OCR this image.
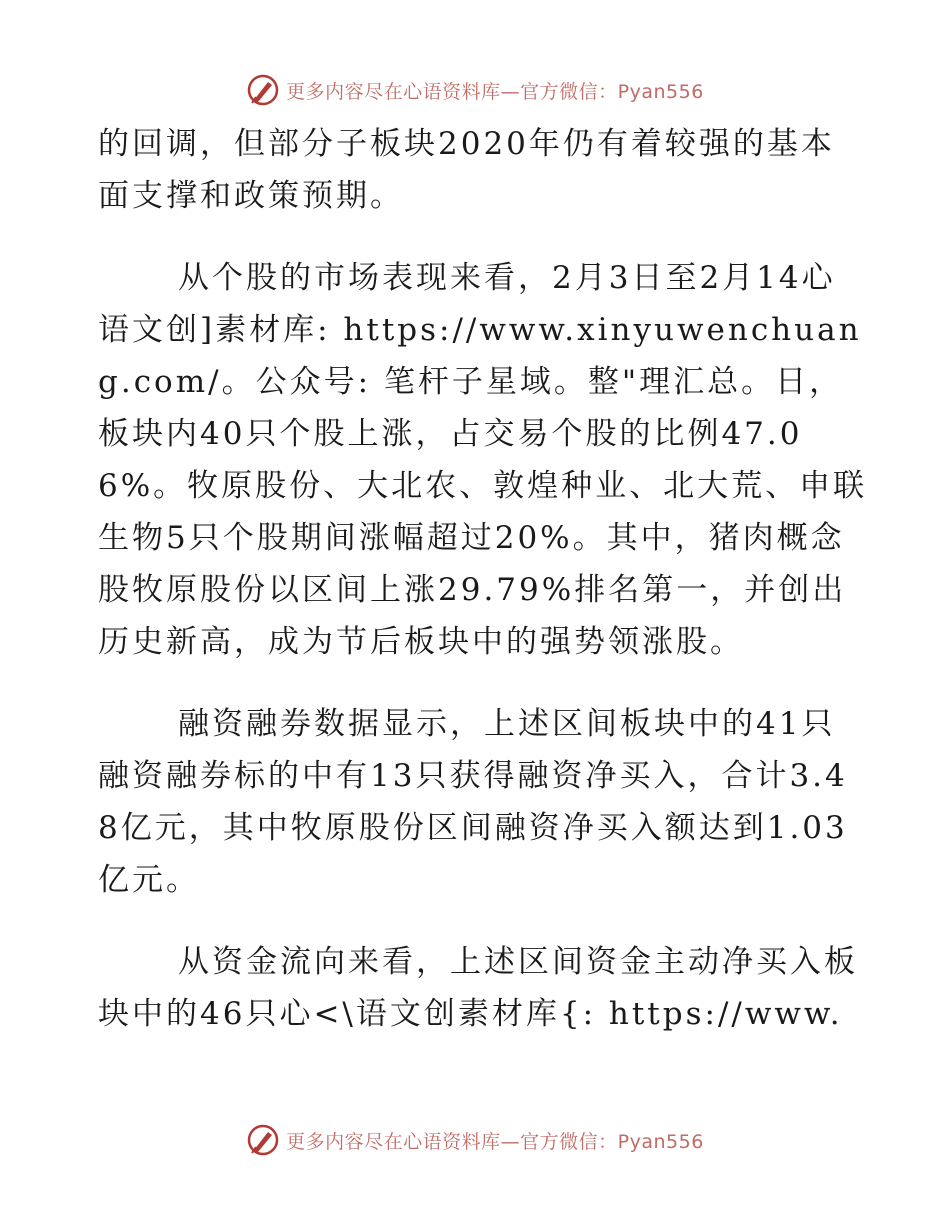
更多内容尽在心语资料库—官方微信：Pyan556

的回调，但部分子板块2020年仍有着较强的基本面支撑和政策预期。

从个股的市场表现来看，2月3日至2月14心语文创]素材库: https://www.xinyuwenchuang.com/。公众号: 笔杆子星域。整"理汇总。日，板块内40只个股上涨，占交易个股的比例47.06%。牧原股份、大北农、敦煌种业、北大荒、申联生物5只个股期间涨幅超过20%。其中，猪肉概念股牧原股份以区间上涨29.79%排名第一，并创出历史新高，成为节后板块中的强势领涨股。

融资融券数据显示，上述区间板块中的41只融资融券标的中有13只获得融资净买入，合计3.48亿元，其中牧原股份区间融资净买入额达到1.03亿元。

从资金流向来看，上述区间资金主动净买入板块中的46只心<\语文创素材库{: https://www.

更多内容尽在心语资料库—官方微信：Pyan556
